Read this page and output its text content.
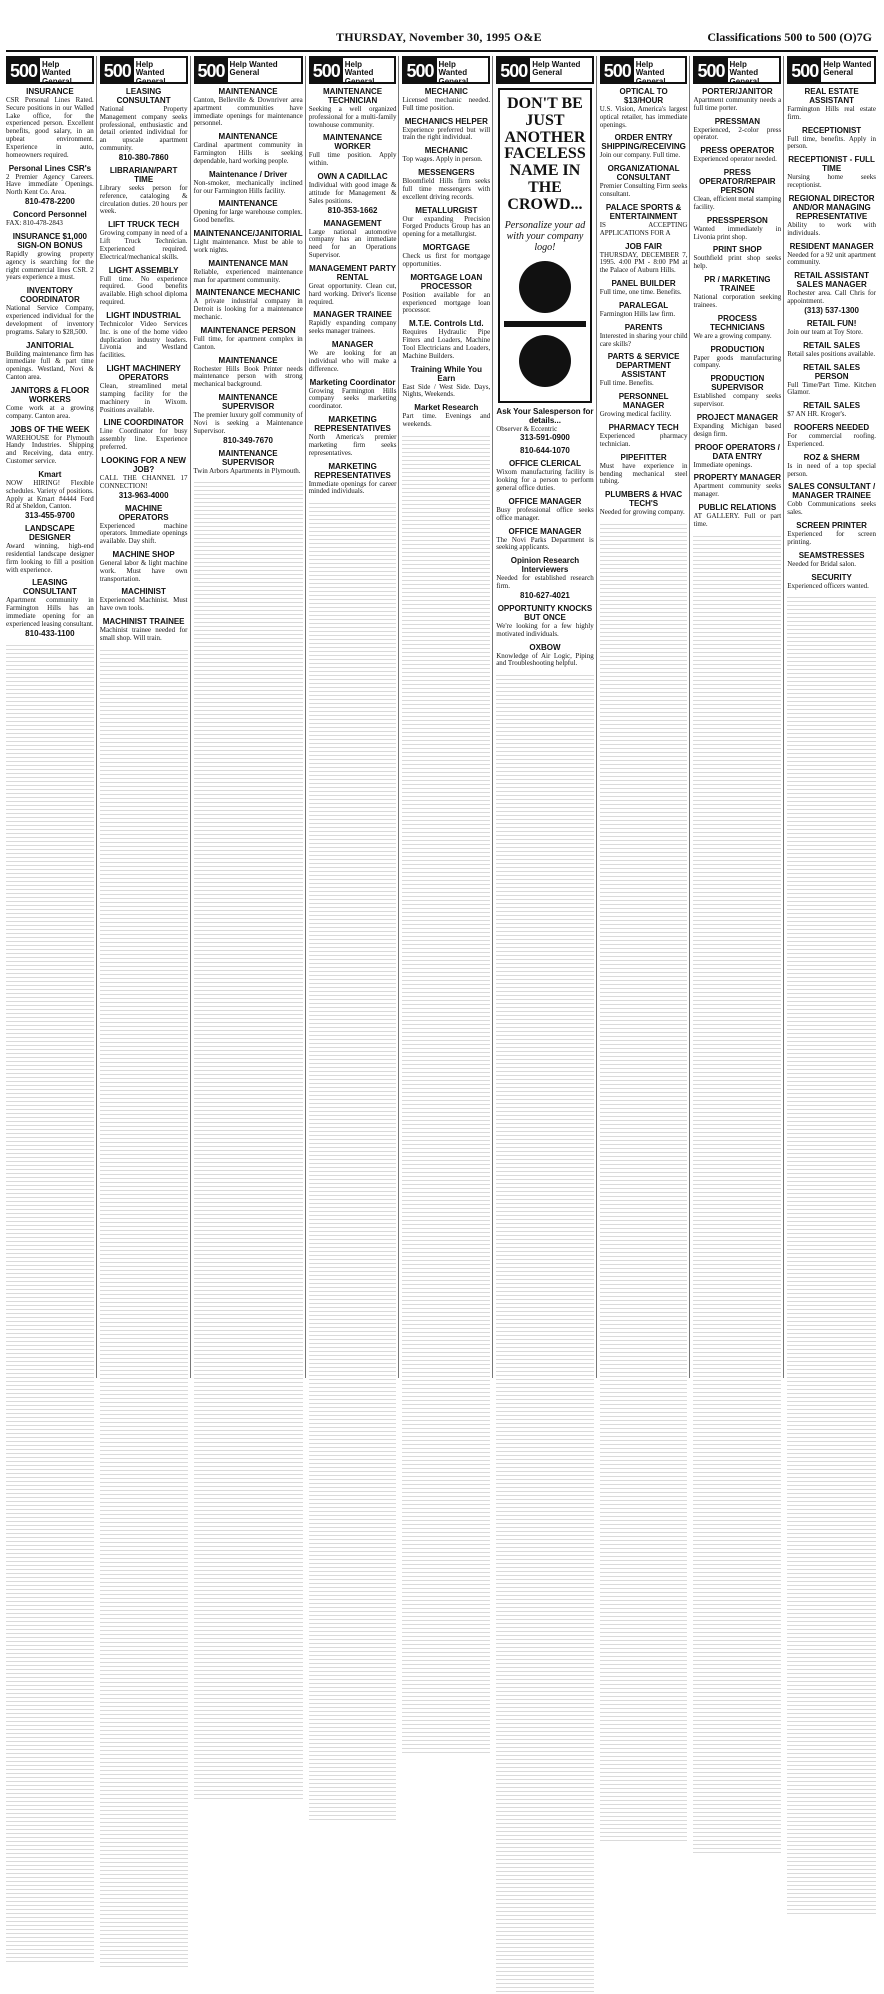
THURSDAY, November 30, 1995 O&E	Classifications 500 to 500 (O)7G
500 Help Wanted General
INSURANCE
CSR Personal Lines Rated. Secure positions in our Walled Lake office, for the experienced person. Excellent benefits, good salary, in an upbeat environment. Experience in auto, homeowners required.
Personal Lines CSR's
2 Premier Agency Careers. Have immediate Openings. North Kent Co. Area.
810-478-2200
Concord Personnel
FAX: 810-478-2843
INSURANCE $1,000 SIGN-ON BONUS
Rapidly growing property agency is searching for the right commercial lines CSR. 2 years experience a must.
INVENTORY COORDINATOR
National Service Company, experienced individual for the development of inventory programs. Salary to $28,500.
JANITORIAL
Building maintenance firm has immediate full & part time openings. Westland, Novi & Canton area.
JANITORS & FLOOR WORKERS
Come work at a growing company. Canton area.
JOBS OF THE WEEK
WAREHOUSE for Plymouth Handy Industries. Shipping and Receiving, data entry. Customer service.
Kmart
NOW HIRING! Flexible schedules. Variety of positions. Apply at Kmart #4444 Ford Rd at Sheldon, Canton.
313-455-9700
LANDSCAPE DESIGNER
Award winning, high-end residential landscape designer firm looking to fill a position with experience.
LEASING CONSULTANT
Apartment community in Farmington Hills has an immediate opening for an experienced leasing consultant.
810-433-1100
500 Help Wanted General
LEASING CONSULTANT
National Property Management company seeks professional, enthusiastic and detail oriented individual for an upscale apartment community.
810-380-7860
LIBRARIAN/PART TIME
Library seeks person for reference, cataloging & circulation duties. 20 hours per week.
LIFT TRUCK TECH
Growing company in need of a Lift Truck Technician. Experienced required. Electrical/mechanical skills.
LIGHT ASSEMBLY
Full time. No experience required. Good benefits available. High school diploma required.
LIGHT INDUSTRIAL
Technicolor Video Services Inc. is one of the home video duplication industry leaders. Livonia and Westland facilities.
LIGHT MACHINERY OPERATORS
Clean, streamlined metal stamping facility for the machinery in Wixom. Positions available.
LINE COORDINATOR
Line Coordinator for busy assembly line. Experience preferred.
LOOKING FOR A NEW JOB?
CALL THE CHANNEL 17 CONNECTION!
313-963-4000
MACHINE OPERATORS
Experienced machine operators. Immediate openings available. Day shift.
MACHINE SHOP
General labor & light machine work. Must have own transportation.
MACHINIST
Experienced Machinist. Must have own tools.
MACHINIST TRAINEE
Machinist trainee needed for small shop. Will train.
500 Help Wanted General
MAINTENANCE
Canton, Belleville & Downriver area apartment communities have immediate openings for maintenance personnel.
MAINTENANCE
Cardinal apartment community in Farmington Hills is seeking dependable, hard working people.
Maintenance / Driver
Non-smoker, mechanically inclined for our Farmington Hills facility.
MAINTENANCE
Opening for large warehouse complex. Good benefits.
MAINTENANCE/JANITORIAL
Light maintenance. Must be able to work nights.
MAINTENANCE MAN
Reliable, experienced maintenance man for apartment community.
MAINTENANCE MECHANIC
A private industrial company in Detroit is looking for a maintenance mechanic.
MAINTENANCE PERSON
Full time, for apartment complex in Canton.
MAINTENANCE
Rochester Hills Book Printer needs maintenance person with strong mechanical background.
MAINTENANCE SUPERVISOR
The premier luxury golf community of Novi is seeking a Maintenance Supervisor.
810-349-7670
MAINTENANCE SUPERVISOR
Twin Arbors Apartments in Plymouth.
500 Help Wanted General
MAINTENANCE TECHNICIAN
Seeking a well organized professional for a multi-family townhouse community.
MAINTENANCE WORKER
Full time position. Apply within.
OWN A CADILLAC
Individual with good image & attitude for Management & Sales positions.
810-353-1662
MANAGEMENT
Large national automotive company has an immediate need for an Operations Supervisor.
MANAGEMENT PARTY RENTAL
Great opportunity. Clean cut, hard working. Driver's license required.
MANAGER TRAINEE
Rapidly expanding company seeks manager trainees.
MANAGER
We are looking for an individual who will make a difference.
Marketing Coordinator
Growing Farmington Hills company seeks marketing coordinator.
MARKETING REPRESENTATIVES
North America's premier marketing firm seeks representatives.
MARKETING REPRESENTATIVES
Immediate openings for career minded individuals.
500 Help Wanted General
MECHANIC
Licensed mechanic needed. Full time position.
MECHANICS HELPER
Experience preferred but will train the right individual.
MECHANIC
Top wages. Apply in person.
MESSENGERS
Bloomfield Hills firm seeks full time messengers with excellent driving records.
METALLURGIST
Our expanding Precision Forged Products Group has an opening for a metallurgist.
MORTGAGE
Check us first for mortgage opportunities.
MORTGAGE LOAN PROCESSOR
Position available for an experienced mortgage loan processor.
M.T.E. Controls Ltd.
Requires Hydraulic Pipe Fitters and Loaders, Machine Tool Electricians and Loaders, Machine Builders.
Training While You Earn
East Side / West Side. Days, Nights, Weekends.
Market Research
Part time. Evenings and weekends.
500 Help Wanted General
DON'T BE JUST ANOTHER FACELESS NAME IN THE CROWD...
Personalize your ad with your company logo!
Ask Your Salesperson for details...
Observer & Eccentric
313-591-0900
810-644-1070
OFFICE CLERICAL
Wixom manufacturing facility is looking for a person to perform general office duties.
OFFICE MANAGER
Busy professional office seeks office manager.
OFFICE MANAGER
The Novi Parks Department is seeking applicants.
Opinion Research Interviewers
Needed for established research firm.
810-627-4021
OPPORTUNITY KNOCKS BUT ONCE
We're looking for a few highly motivated individuals.
OXBOW
Knowledge of Air Logic, Piping and Troubleshooting helpful.
500 Help Wanted General
OPTICAL TO $13/HOUR
U.S. Vision, America's largest optical retailer, has immediate openings.
ORDER ENTRY SHIPPING/RECEIVING
Join our company. Full time.
ORGANIZATIONAL CONSULTANT
Premier Consulting Firm seeks consultant.
PALACE SPORTS & ENTERTAINMENT
IS ACCEPTING APPLICATIONS FOR A
JOB FAIR
THURSDAY, DECEMBER 7, 1995. 4:00 PM - 8:00 PM at the Palace of Auburn Hills.
PANEL BUILDER
Full time, one time. Benefits.
PARALEGAL
Farmington Hills law firm.
PARENTS
Interested in sharing your child care skills?
PARTS & SERVICE DEPARTMENT ASSISTANT
Full time. Benefits.
PERSONNEL MANAGER
Growing medical facility.
PHARMACY TECH
Experienced pharmacy technician.
PIPEFITTER
Must have experience in bending mechanical steel tubing.
PLUMBERS & HVAC TECH'S
Needed for growing company.
500 Help Wanted General
PORTER/JANITOR
Apartment community needs a full time porter.
PRESSMAN
Experienced, 2-color press operator.
PRESS OPERATOR
Experienced operator needed.
PRESS OPERATOR/REPAIR PERSON
Clean, efficient metal stamping facility.
PRESSPERSON
Wanted immediately in Livonia print shop.
PRINT SHOP
Southfield print shop seeks help.
PR / MARKETING TRAINEE
National corporation seeking trainees.
PROCESS TECHNICIANS
We are a growing company.
PRODUCTION
Paper goods manufacturing company.
PRODUCTION SUPERVISOR
Established company seeks supervisor.
PROJECT MANAGER
Expanding Michigan based design firm.
PROOF OPERATORS / DATA ENTRY
Immediate openings.
PROPERTY MANAGER
Apartment community seeks manager.
PUBLIC RELATIONS
AT GALLERY. Full or part time.
500 Help Wanted General
REAL ESTATE ASSISTANT
Farmington Hills real estate firm.
RECEPTIONIST
Full time, benefits. Apply in person.
RECEPTIONIST - FULL TIME
Nursing home seeks receptionist.
REGIONAL DIRECTOR AND/OR MANAGING REPRESENTATIVE
Ability to work with individuals.
RESIDENT MANAGER
Needed for a 92 unit apartment community.
RETAIL ASSISTANT SALES MANAGER
Rochester area. Call Chris for appointment.
(313) 537-1300
RETAIL FUN!
Join our team at Toy Store.
RETAIL SALES
Retail sales positions available.
RETAIL SALES PERSON
Full Time/Part Time. Kitchen Glamor.
RETAIL SALES
$7 AN HR. Kroger's.
ROOFERS NEEDED
For commercial roofing. Experienced.
ROZ & SHERM
Is in need of a top special person.
SALES CONSULTANT / MANAGER TRAINEE
Cobb Communications seeks sales.
SCREEN PRINTER
Experienced for screen printing.
SEAMSTRESSES
Needed for Bridal salon.
SECURITY
Experienced officers wanted.
